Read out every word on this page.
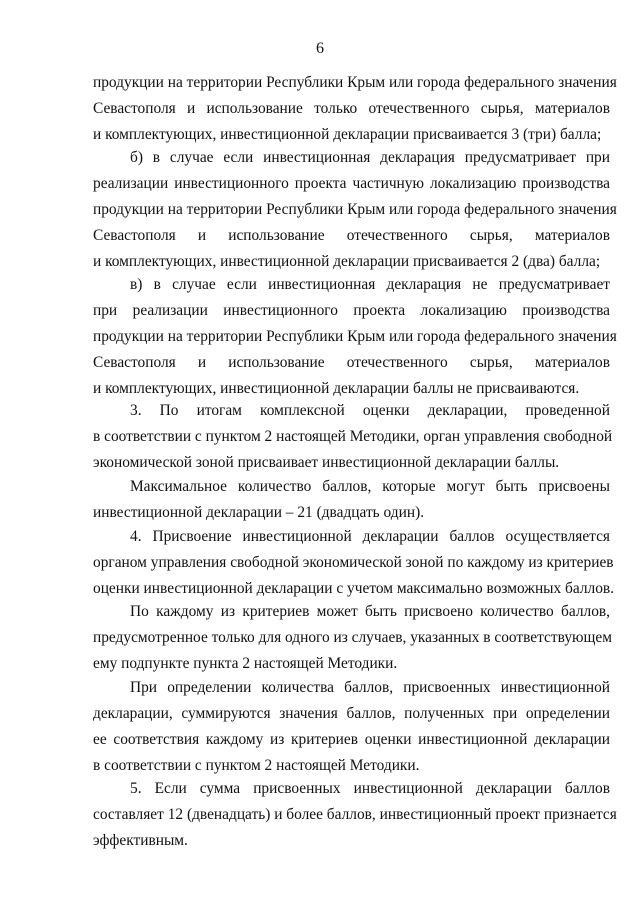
6
продукции на территории Республики Крым или города федерального значения
Севастополя и использование только отечественного сырья, материалов
и комплектующих, инвестиционной декларации присваивается 3 (три) балла;
б) в случае если инвестиционная декларация предусматривает при
реализации инвестиционного проекта частичную локализацию производства
продукции на территории Республики Крым или города федерального значения
Севастополя и использование отечественного сырья, материалов
и комплектующих, инвестиционной декларации присваивается 2 (два) балла;
в) в случае если инвестиционная декларация не предусматривает
при реализации инвестиционного проекта локализацию производства
продукции на территории Республики Крым или города федерального значения
Севастополя и использование отечественного сырья, материалов
и комплектующих, инвестиционной декларации баллы не присваиваются.
3. По итогам комплексной оценки декларации, проведенной
в соответствии с пунктом 2 настоящей Методики, орган управления свободной
экономической зоной присваивает инвестиционной декларации баллы.
Максимальное количество баллов, которые могут быть присвоены
инвестиционной декларации – 21 (двадцать один).
4. Присвоение инвестиционной декларации баллов осуществляется
органом управления свободной экономической зоной по каждому из критериев
оценки инвестиционной декларации с учетом максимально возможных баллов.
По каждому из критериев может быть присвоено количество баллов,
предусмотренное только для одного из случаев, указанных в соответствующем
ему подпункте пункта 2 настоящей Методики.
При определении количества баллов, присвоенных инвестиционной
декларации, суммируются значения баллов, полученных при определении
ее соответствия каждому из критериев оценки инвестиционной декларации
в соответствии с пунктом 2 настоящей Методики.
5. Если сумма присвоенных инвестиционной декларации баллов
составляет 12 (двенадцать) и более баллов, инвестиционный проект признается
эффективным.
